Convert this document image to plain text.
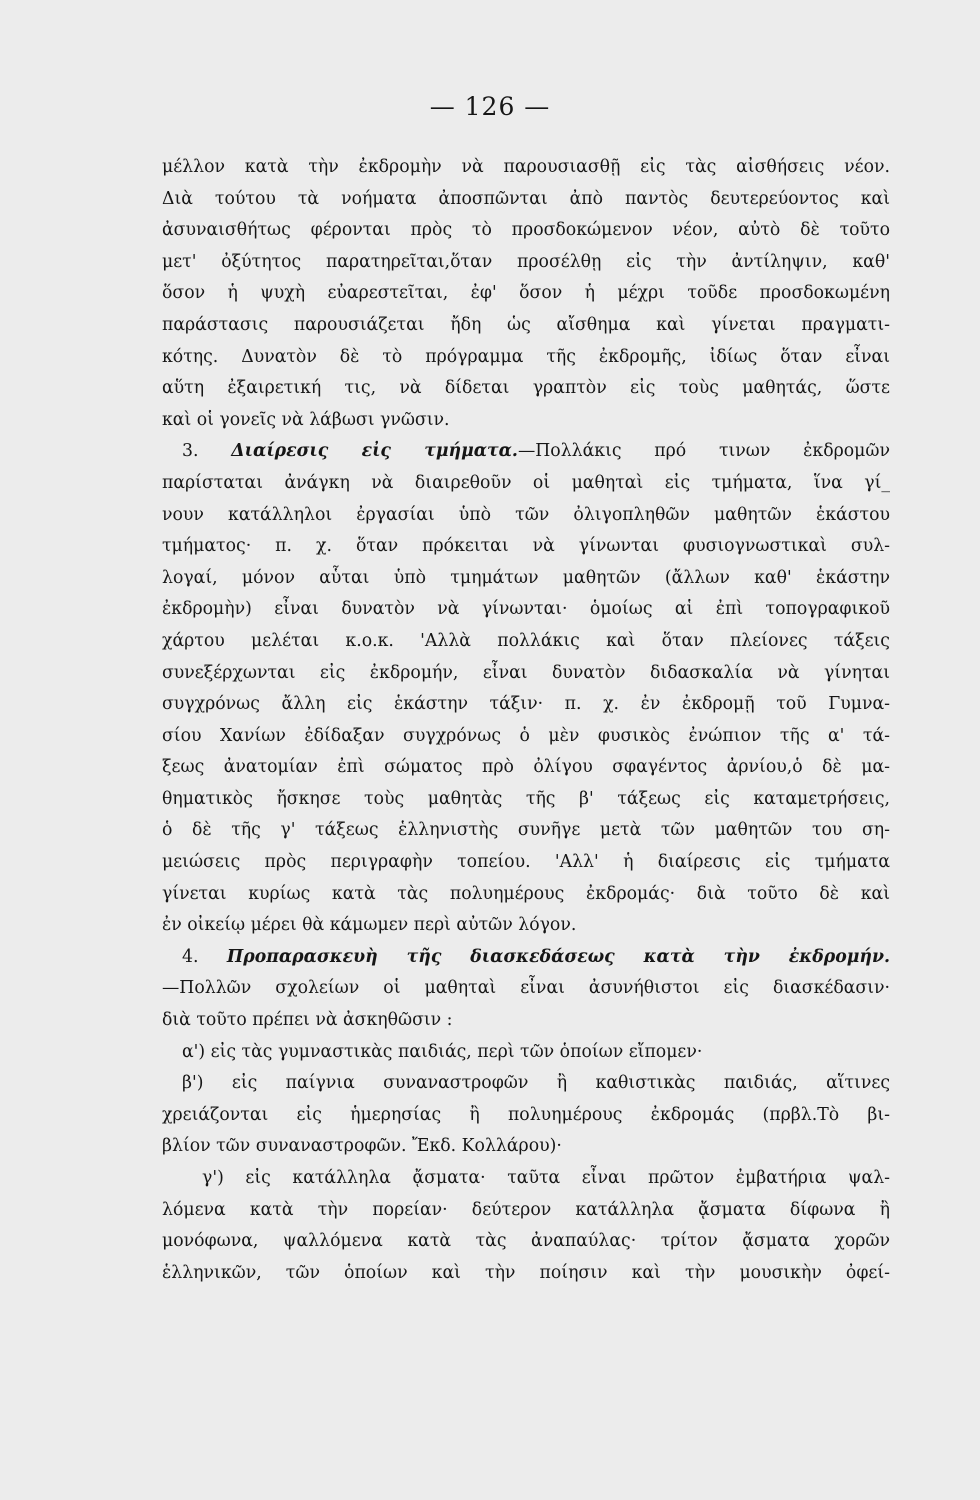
— 126 —
μέλλον κατὰ τὴν ἐκδρομὴν νὰ παρουσιασθῇ εἰς τὰς αἰσθήσεις νέον.
Διὰ τούτου τὰ νοήματα ἀποσπῶνται ἀπὸ παντὸς δευτερεύοντος καὶ
ἀσυναισθήτως φέρονται πρὸς τὸ προσδοκώμενον νέον, αὐτὸ δὲ τοῦτο
μετ' ὀξύτητος παρατηρεῖται,ὅταν προσέλθῃ εἰς τὴν ἀντίληψιν, καθ'
ὅσον ἡ ψυχὴ εὐαρεστεῖται, ἐφ' ὅσον ἡ μέχρι τοῦδε προσδοκωμένη
παράστασις παρουσιάζεται ἤδη ὡς αἴσθημα καὶ γίνεται πραγματι-
κότης. Δυνατὸν δὲ τὸ πρόγραμμα τῆς ἐκδρομῆς, ἰδίως ὅταν εἶναι
αὕτη ἐξαιρετική τις, νὰ δίδεται γραπτὸν εἰς τοὺς μαθητάς, ὥστε
καὶ οἱ γονεῖς νὰ λάβωσι γνῶσιν.
3. Διαίρεσις εἰς τμήματα.—Πολλάκις πρό τινων ἐκδρομῶν
παρίσταται ἀνάγκη νὰ διαιρεθοῦν οἱ μαθηταὶ εἰς τμήματα, ἵνα γί_
νουν κατάλληλοι ἐργασίαι ὑπὸ τῶν ὀλιγοπληθῶν μαθητῶν ἑκάστου
τμήματος· π. χ. ὅταν πρόκειται νὰ γίνωνται φυσιογνωστικαὶ συλ-
λογαί, μόνον αὗται ὑπὸ τμημάτων μαθητῶν (ἄλλων καθ' ἑκάστην
ἐκδρομὴν) εἶναι δυνατὸν νὰ γίνωνται· ὁμοίως αἱ ἐπὶ τοπογραφικοῦ
χάρτου μελέται κ.ο.κ. 'Αλλὰ πολλάκις καὶ ὅταν πλείονες τάξεις
συνεξέρχωνται εἰς ἐκδρομήν, εἶναι δυνατὸν διδασκαλία νὰ γίνηται
συγχρόνως ἄλλη εἰς ἑκάστην τάξιν· π. χ. ἐν ἐκδρομῇ τοῦ Γυμνα-
σίου Χανίων ἐδίδαξαν συγχρόνως ὁ μὲν φυσικὸς ἐνώπιον τῆς α' τά-
ξεως ἀνατομίαν ἐπὶ σώματος πρὸ ὀλίγου σφαγέντος ἀρνίου,ὁ δὲ μα-
θηματικὸς ἤσκησε τοὺς μαθητὰς τῆς β' τάξεως εἰς καταμετρήσεις,
ὁ δὲ τῆς γ' τάξεως ἑλληνιστὴς συνῆγε μετὰ τῶν μαθητῶν του ση-
μειώσεις πρὸς περιγραφὴν τοπείου. 'Αλλ' ἡ διαίρεσις εἰς τμήματα
γίνεται κυρίως κατὰ τὰς πολυημέρους ἐκδρομάς· διὰ τοῦτο δὲ καὶ
ἐν οἰκείῳ μέρει θὰ κάμωμεν περὶ αὐτῶν λόγον.
4. Προπαρασκευὴ τῆς διασκεδάσεως κατὰ τὴν ἐκδρομήν.
—Πολλῶν σχολείων οἱ μαθηταὶ εἶναι ἀσυνήθιστοι εἰς διασκέδασιν·
διὰ τοῦτο πρέπει νὰ ἀσκηθῶσιν :
α') εἰς τὰς γυμναστικὰς παιδιάς, περὶ τῶν ὁποίων εἴπομεν·
β') εἰς παίγνια συναναστροφῶν ἢ καθιστικὰς παιδιάς, αἵτινες
χρειάζονται εἰς ἡμερησίας ἢ πολυημέρους ἐκδρομάς (πρβλ.Τὸ βι-
βλίον τῶν συναναστροφῶν. Ἔκδ. Κολλάρου)·
γ') εἰς κατάλληλα ᾄσματα· ταῦτα εἶναι πρῶτον ἐμβατήρια ψαλ-
λόμενα κατὰ τὴν πορείαν· δεύτερον κατάλληλα ᾄσματα δίφωνα ἢ
μονόφωνα, ψαλλόμενα κατὰ τὰς ἀναπαύλας· τρίτον ᾄσματα χορῶν
ἑλληνικῶν, τῶν ὁποίων καὶ τὴν ποίησιν καὶ τὴν μουσικὴν ὀφεί-
